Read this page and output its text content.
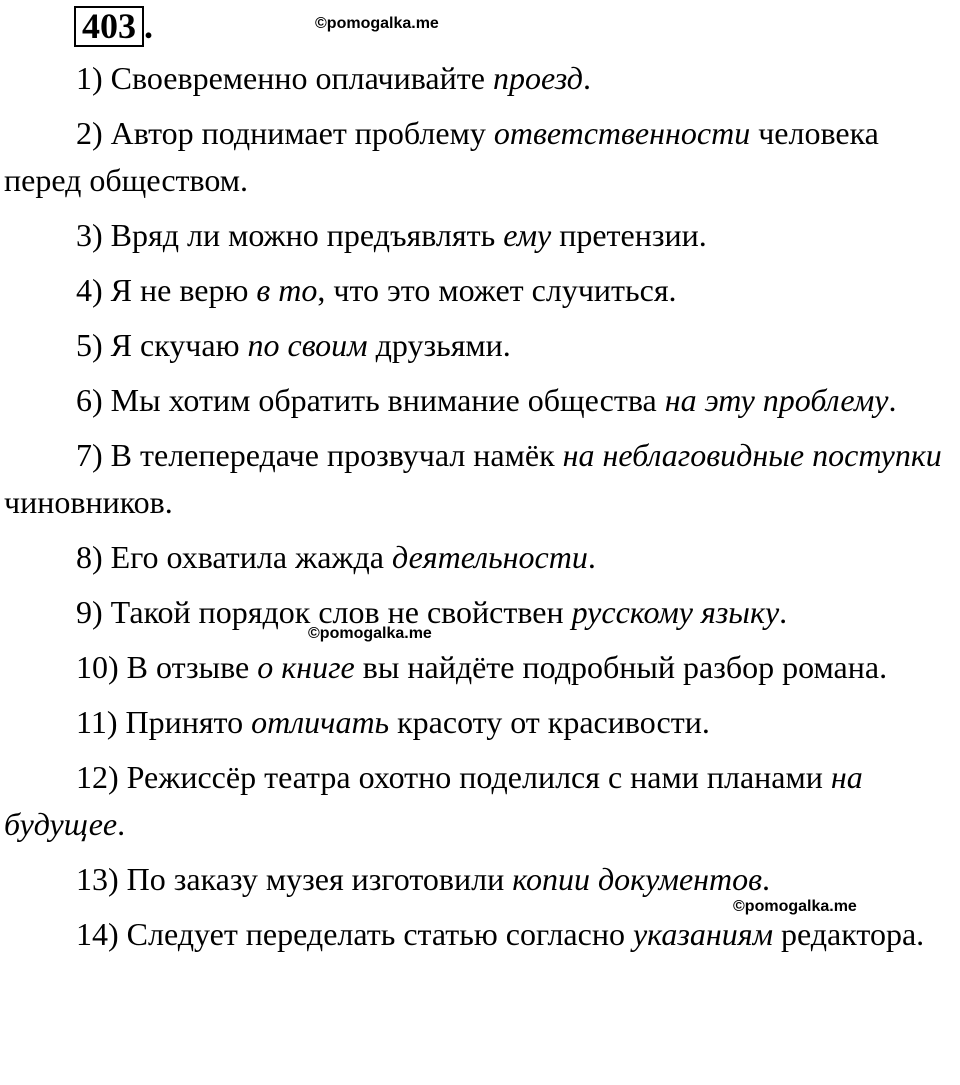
403 .	©pomogalka.me

1) Своевременно оплачивайте проезд.

2) Автор поднимает проблему ответственности человека перед обществом.

3) Вряд ли можно предъявлять ему претензии.

4) Я не верю в то, что это может случиться.

5) Я скучаю по своим друзьями.

6) Мы хотим обратить внимание общества на эту проблему.

7) В телепередаче прозвучал намёк на неблаговидные поступки чиновников.

8) Его охватила жажда деятельности.

9) Такой порядок слов не свойствен русскому языку.

10) В отзыве о книге вы найдёте подробный разбор романа.

11) Принято отличать красоту от красивости.

12) Режиссёр театра охотно поделился с нами планами на будущее.

13) По заказу музея изготовили копии документов.

14) Следует переделать статью согласно указаниям редактора.

©pomogalka.me
©pomogalka.me
